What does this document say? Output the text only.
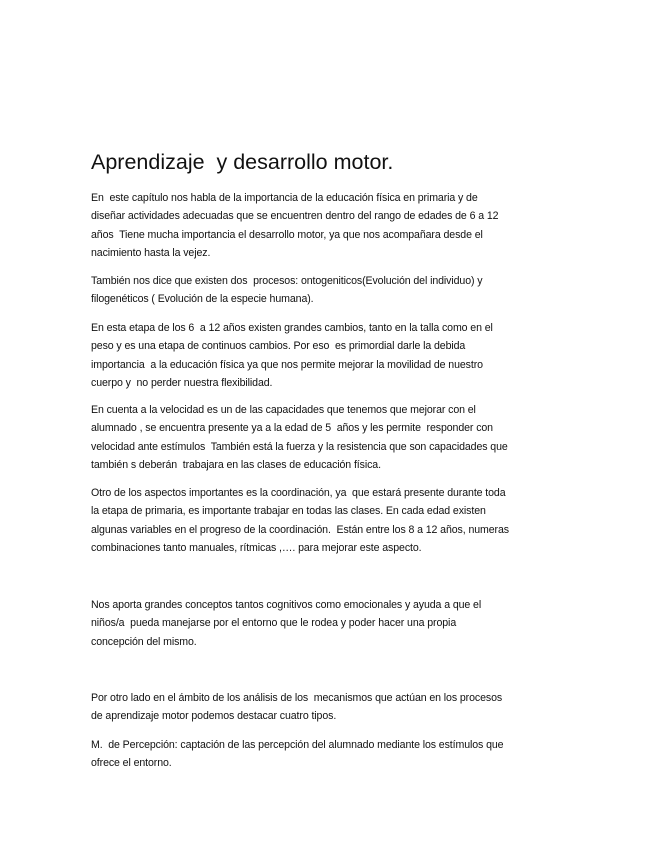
Aprendizaje  y desarrollo motor.
En  este capítulo nos habla de la importancia de la educación física en primaria y de
diseñar actividades adecuadas que se encuentren dentro del rango de edades de 6 a 12
años  Tiene mucha importancia el desarrollo motor, ya que nos acompañara desde el
nacimiento hasta la vejez.
También nos dice que existen dos  procesos: ontogeniticos(Evolución del individuo) y
filogenéticos ( Evolución de la especie humana).
En esta etapa de los 6  a 12 años existen grandes cambios, tanto en la talla como en el
peso y es una etapa de continuos cambios. Por eso  es primordial darle la debida
importancia  a la educación física ya que nos permite mejorar la movilidad de nuestro
cuerpo y  no perder nuestra flexibilidad.
En cuenta a la velocidad es un de las capacidades que tenemos que mejorar con el
alumnado , se encuentra presente ya a la edad de 5  años y les permite  responder con
velocidad ante estímulos  También está la fuerza y la resistencia que son capacidades que
también s deberán  trabajara en las clases de educación física.
Otro de los aspectos importantes es la coordinación, ya  que estará presente durante toda
la etapa de primaria, es importante trabajar en todas las clases. En cada edad existen
algunas variables en el progreso de la coordinación.  Están entre los 8 a 12 años, numeras
combinaciones tanto manuales, rítmicas ,…. para mejorar este aspecto.
Nos aporta grandes conceptos tantos cognitivos como emocionales y ayuda a que el
niños/a  pueda manejarse por el entorno que le rodea y poder hacer una propia
concepción del mismo.
Por otro lado en el ámbito de los análisis de los  mecanismos que actúan en los procesos
de aprendizaje motor podemos destacar cuatro tipos.
M.  de Percepción: captación de las percepción del alumnado mediante los estímulos que
ofrece el entorno.
